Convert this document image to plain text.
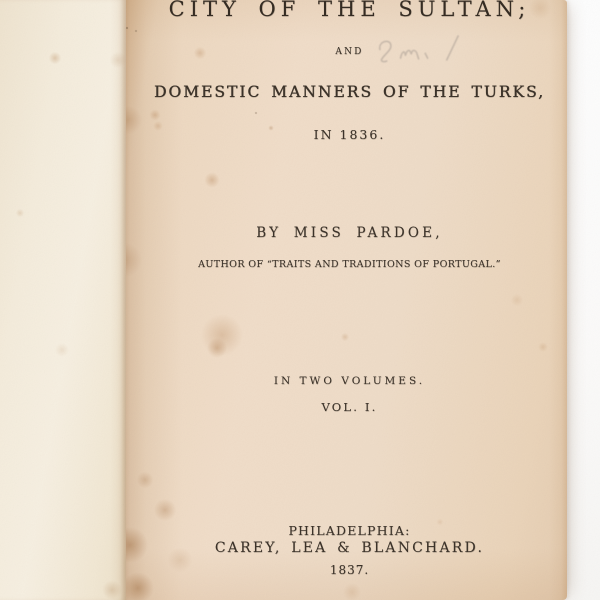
CITY OF THE SULTAN;
AND
DOMESTIC MANNERS OF THE TURKS,
IN 1836.
BY MISS PARDOE,
AUTHOR OF “TRAITS AND TRADITIONS OF PORTUGAL.”
IN TWO VOLUMES.
VOL. I.
PHILADELPHIA:
CAREY, LEA & BLANCHARD.
1837.
